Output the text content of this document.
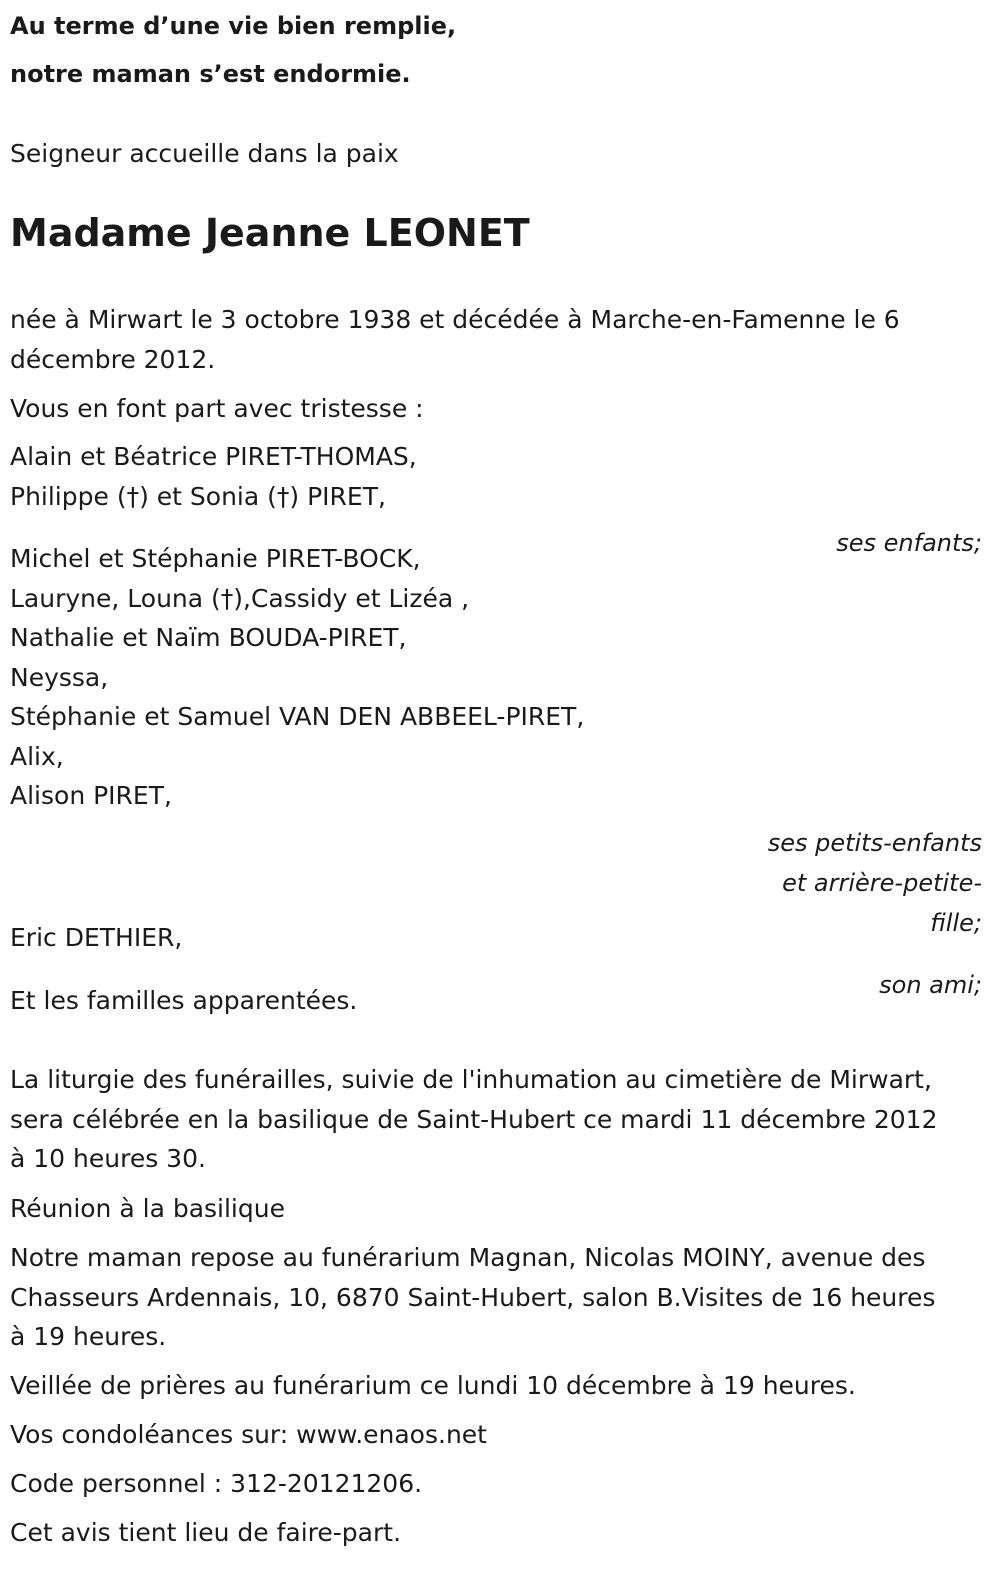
Au terme d’une vie bien remplie,

notre maman s’est endormie.

Seigneur accueille dans la paix

Madame Jeanne LEONET

née à Mirwart le 3 octobre 1938 et décédée à Marche-en-Famenne le 6 décembre 2012.

Vous en font part avec tristesse :

Alain et Béatrice PIRET-THOMAS,

Philippe (†) et Sonia (†) PIRET,

ses enfants;

Michel et Stéphanie PIRET-BOCK,

Lauryne, Louna (†),Cassidy et Lizéa ,

Nathalie et Naïm BOUDA-PIRET,

Neyssa,

Stéphanie et Samuel VAN DEN ABBEEL-PIRET,

Alix,

Alison PIRET,

ses petits-enfants

et arrière-petite-

fille;

Eric DETHIER,

son ami;

Et les familles apparentées.

La liturgie des funérailles, suivie de l'inhumation au cimetière de Mirwart,

sera célébrée en la basilique de Saint-Hubert ce mardi 11 décembre 2012

à 10 heures 30.

Réunion à la basilique

Notre maman repose au funérarium Magnan, Nicolas MOINY, avenue des

Chasseurs Ardennais, 10, 6870 Saint-Hubert, salon B.Visites de 16 heures

à 19 heures.

Veillée de prières au funérarium ce lundi 10 décembre à 19 heures.

Vos condoléances sur: www.enaos.net

Code personnel : 312-20121206.

Cet avis tient lieu de faire-part.
